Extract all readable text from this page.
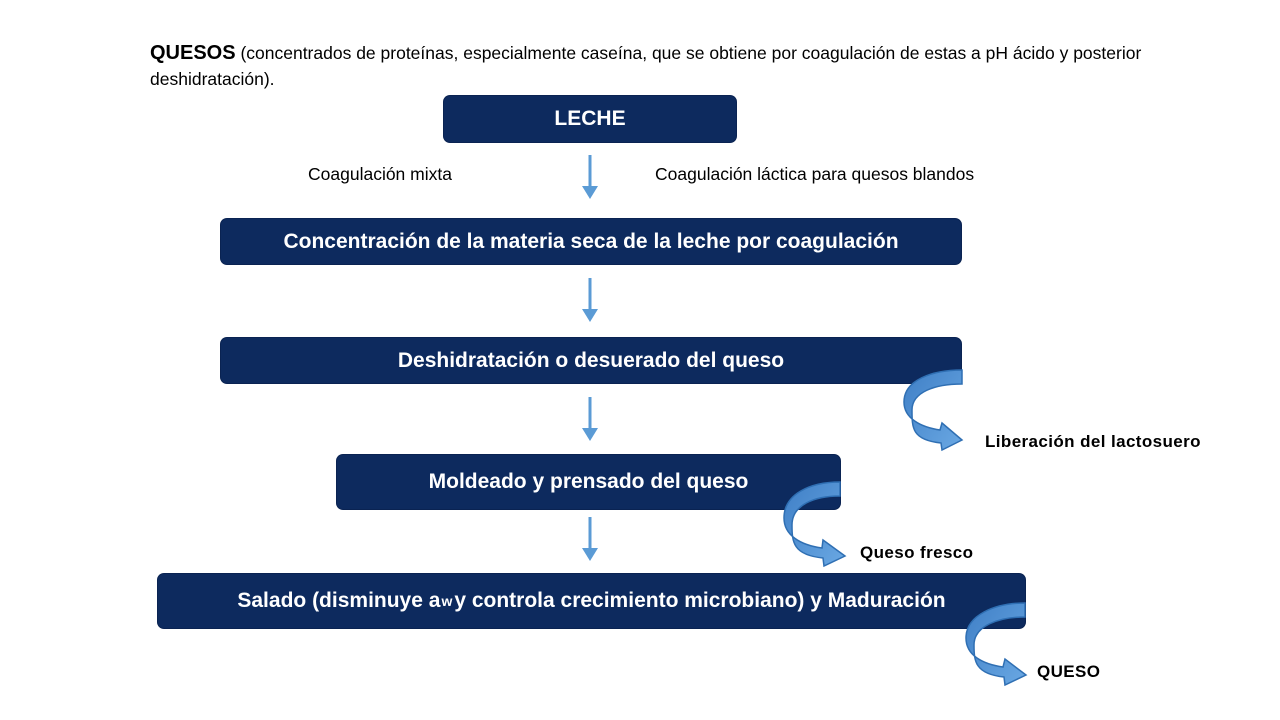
QUESOS (concentrados de proteínas, especialmente caseína, que se obtiene por coagulación de estas a pH ácido y posterior deshidratación).
LECHE
Coagulación mixta	Coagulación láctica para quesos blandos
Concentración de la materia seca de la leche por coagulación
Deshidratación o desuerado del queso
Moldeado y prensado del queso
Salado (disminuye a w y controla crecimiento microbiano) y Maduración
Liberación del lactosuero
Queso fresco
QUESO
